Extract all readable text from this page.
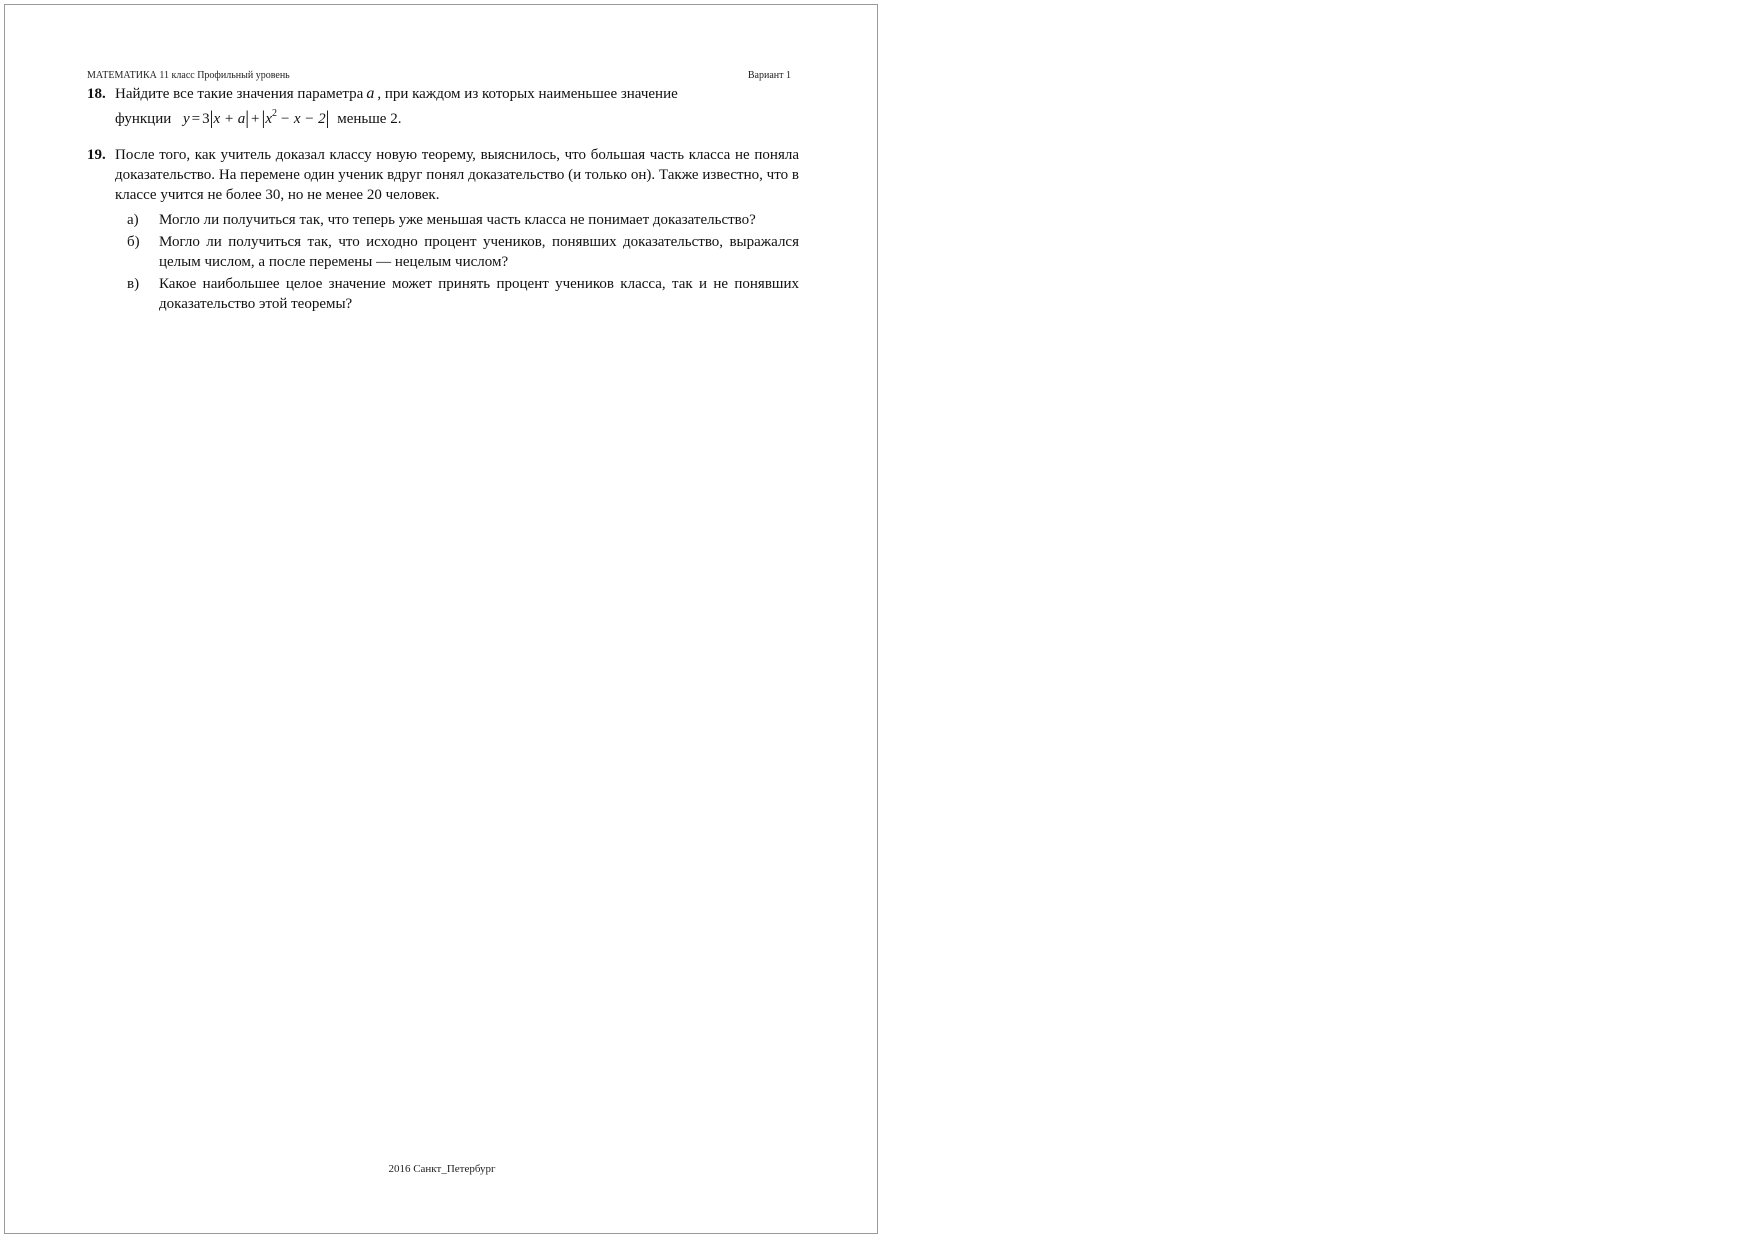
МАТЕМАТИКА 11 класс Профильный уровень	Вариант 1
18. Найдите все такие значения параметра a , при каждом из которых наименьшее значение

функции $y = 3|x + a| + |x^2 - x - 2|$ меньше 2.

19. После того, как учитель доказал классу новую теорему, выяснилось, что большая часть класса не поняла доказательство. На перемене один ученик вдруг понял доказательство (и только он). Также известно, что в классе учится не более 30, но не менее 20 человек.

а) Могло ли получиться так, что теперь уже меньшая часть класса не понимает доказательство?
б) Могло ли получиться так, что исходно процент учеников, понявших доказательство, выражался целым числом, а после перемены — нецелым числом?
в) Какое наибольшее целое значение может принять процент учеников класса, так и не понявших доказательство этой теоремы?
2016 Санкт_Петербург
